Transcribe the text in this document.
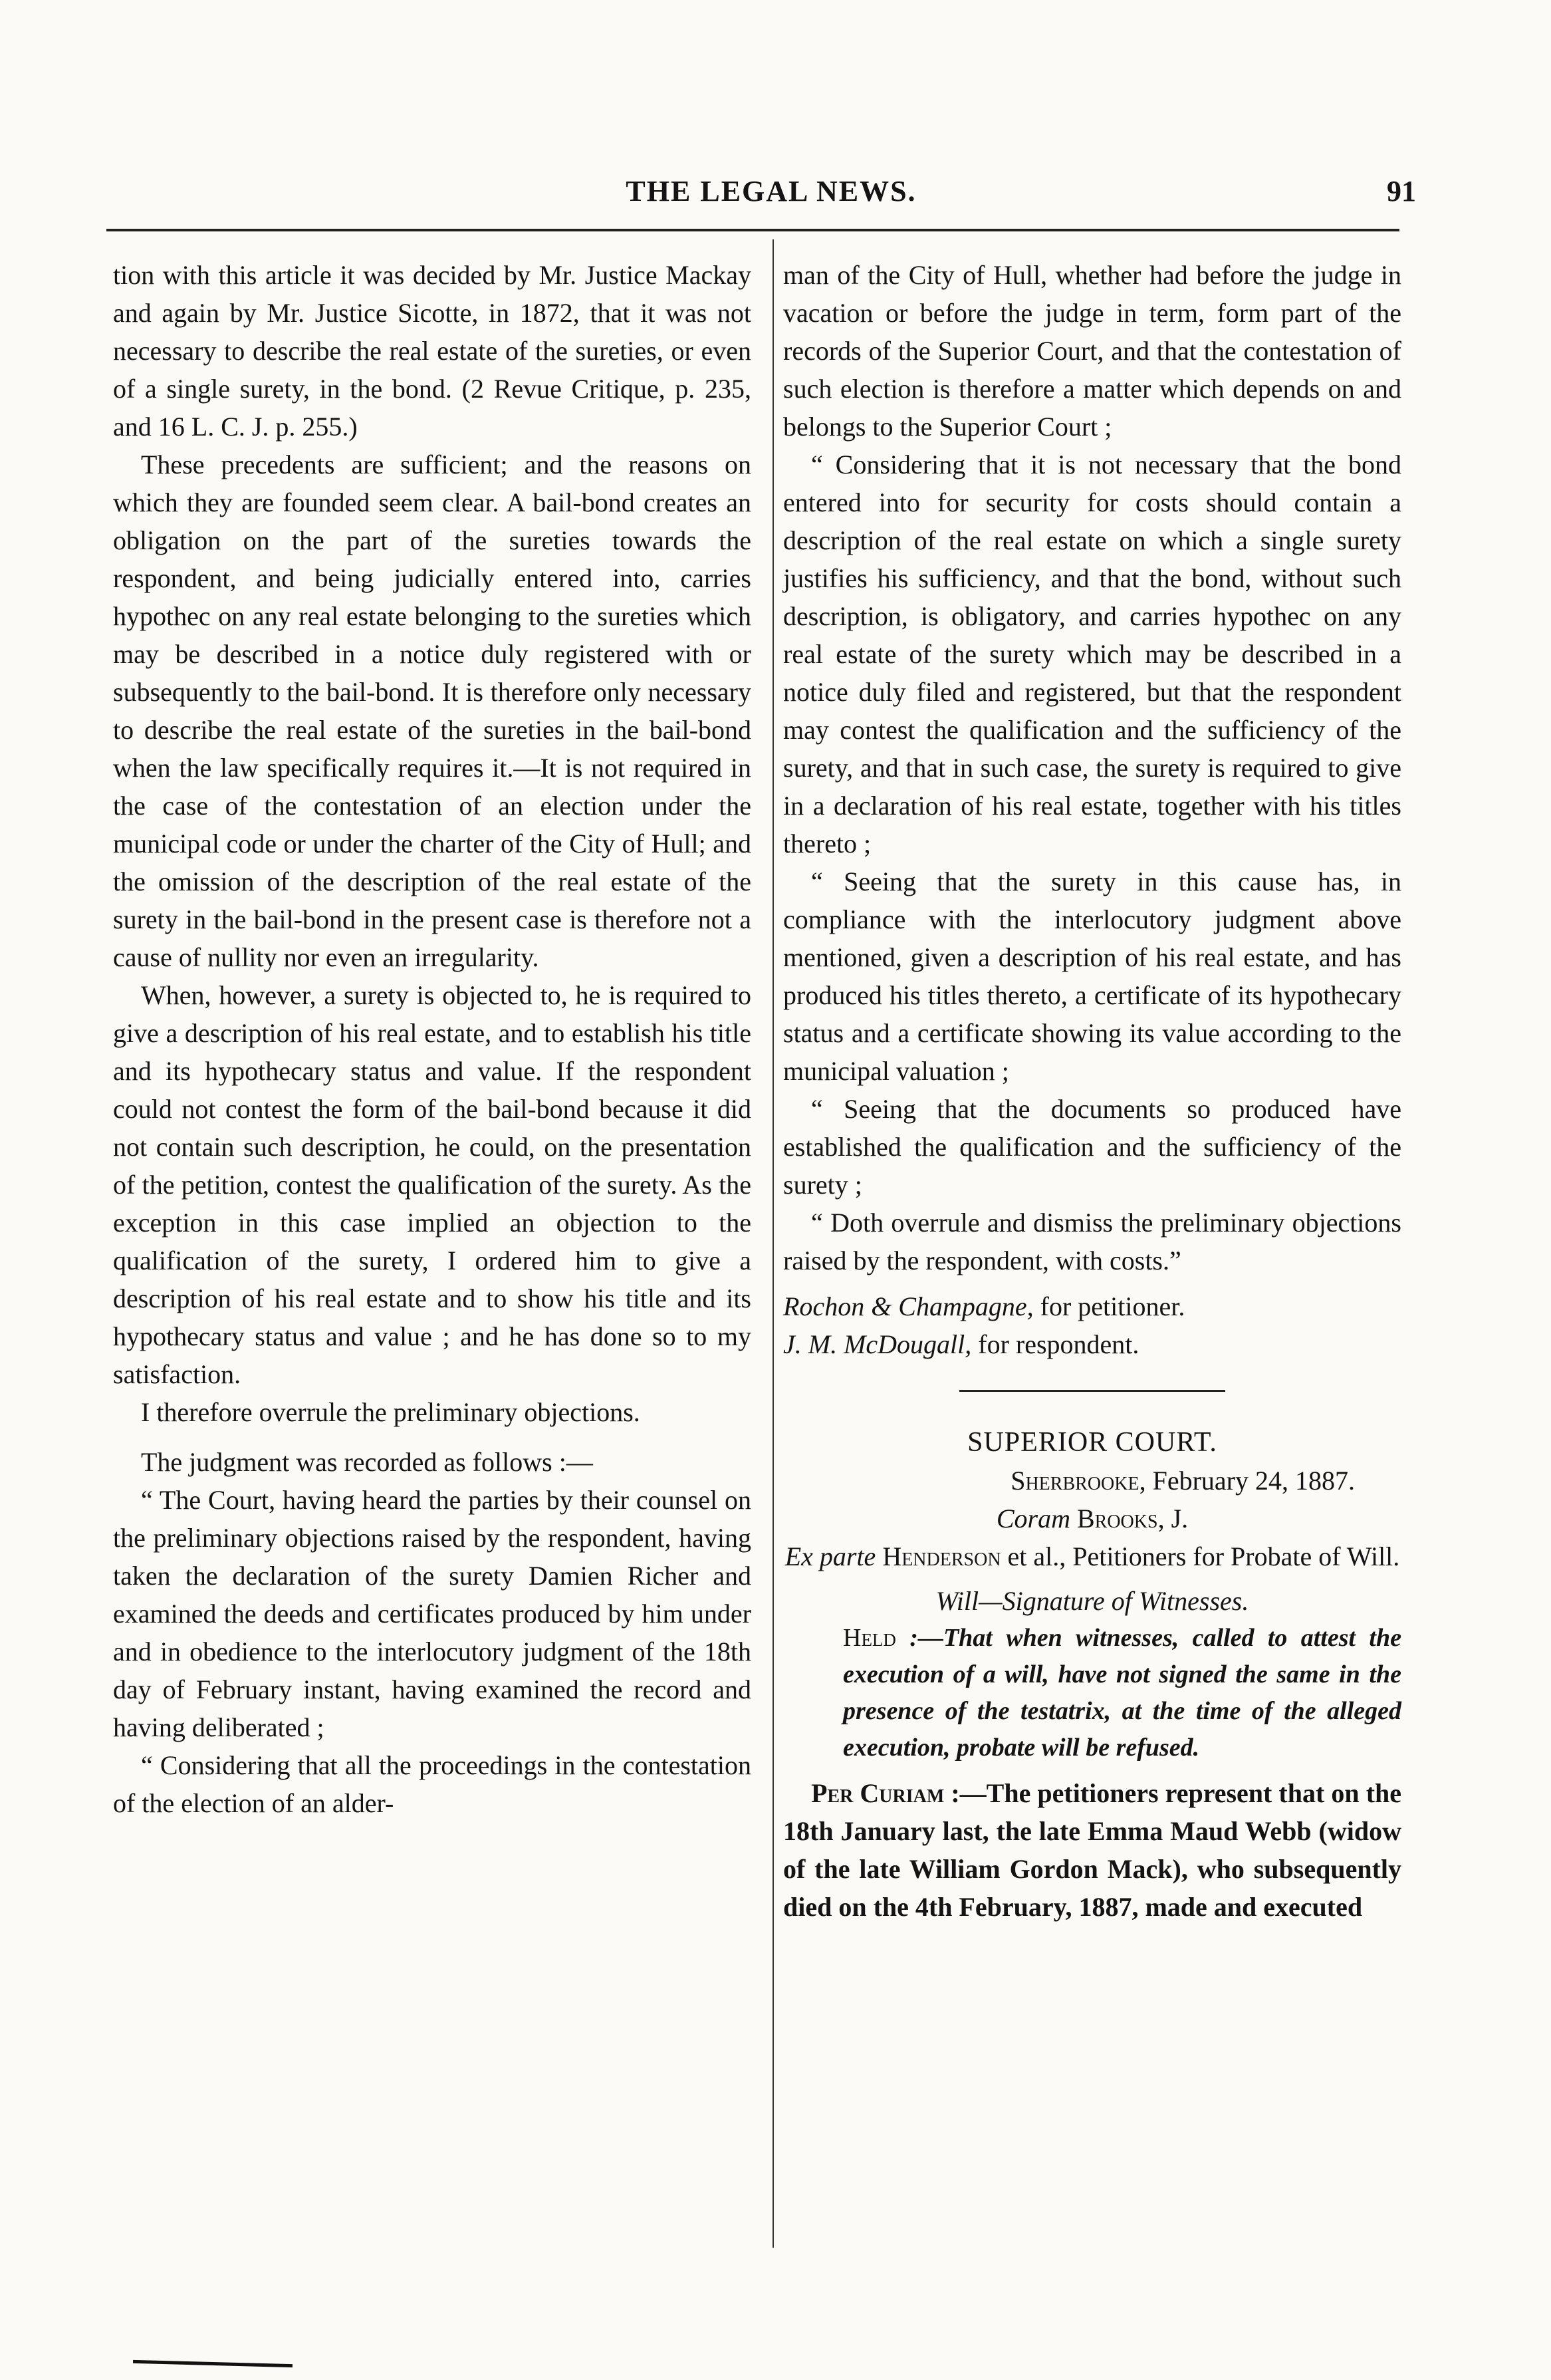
THE LEGAL NEWS.	91

tion with this article it was decided by Mr. Justice Mackay and again by Mr. Justice Sicotte, in 1872, that it was not necessary to describe the real estate of the sureties, or even of a single surety, in the bond. (2 Revue Critique, p. 235, and 16 L. C. J. p. 255.)

These precedents are sufficient; and the reasons on which they are founded seem clear. A bail-bond creates an obligation on the part of the sureties towards the respondent, and being judicially entered into, carries hypothec on any real estate belonging to the sureties which may be described in a notice duly registered with or subsequently to the bail-bond. It is therefore only necessary to describe the real estate of the sureties in the bail-bond when the law specifically requires it.—It is not required in the case of the contestation of an election under the municipal code or under the charter of the City of Hull; and the omission of the description of the real estate of the surety in the bail-bond in the present case is therefore not a cause of nullity nor even an irregularity.

When, however, a surety is objected to, he is required to give a description of his real estate, and to establish his title and its hypothecary status and value. If the respondent could not contest the form of the bail-bond because it did not contain such description, he could, on the presentation of the petition, contest the qualification of the surety. As the exception in this case implied an objection to the qualification of the surety, I ordered him to give a description of his real estate and to show his title and its hypothecary status and value ; and he has done so to my satisfaction.

I therefore overrule the preliminary objections.

The judgment was recorded as follows :—

“ The Court, having heard the parties by their counsel on the preliminary objections raised by the respondent, having taken the declaration of the surety Damien Richer and examined the deeds and certificates produced by him under and in obedience to the interlocutory judgment of the 18th day of February instant, having examined the record and having deliberated ;

“ Considering that all the proceedings in the contestation of the election of an alder-

man of the City of Hull, whether had before the judge in vacation or before the judge in term, form part of the records of the Superior Court, and that the contestation of such election is therefore a matter which depends on and belongs to the Superior Court ;

“ Considering that it is not necessary that the bond entered into for security for costs should contain a description of the real estate on which a single surety justifies his sufficiency, and that the bond, without such description, is obligatory, and carries hypothec on any real estate of the surety which may be described in a notice duly filed and registered, but that the respondent may contest the qualification and the sufficiency of the surety, and that in such case, the surety is required to give in a declaration of his real estate, together with his titles thereto ;

“ Seeing that the surety in this cause has, in compliance with the interlocutory judgment above mentioned, given a description of his real estate, and has produced his titles thereto, a certificate of its hypothecary status and a certificate showing its value according to the municipal valuation ;

“ Seeing that the documents so produced have established the qualification and the sufficiency of the surety ;

“ Doth overrule and dismiss the preliminary objections raised by the respondent, with costs.”

Rochon & Champagne, for petitioner.

J. M. McDougall, for respondent.

SUPERIOR COURT.

Sherbrooke, February 24, 1887.

Coram Brooks, J.

Ex parte Henderson et al., Petitioners for Probate of Will.

Will—Signature of Witnesses.

Held :—That when witnesses, called to attest the execution of a will, have not signed the same in the presence of the testatrix, at the time of the alleged execution, probate will be refused.

Per Curiam :—The petitioners represent that on the 18th January last, the late Emma Maud Webb (widow of the late William Gordon Mack), who subsequently died on the 4th February, 1887, made and executed
